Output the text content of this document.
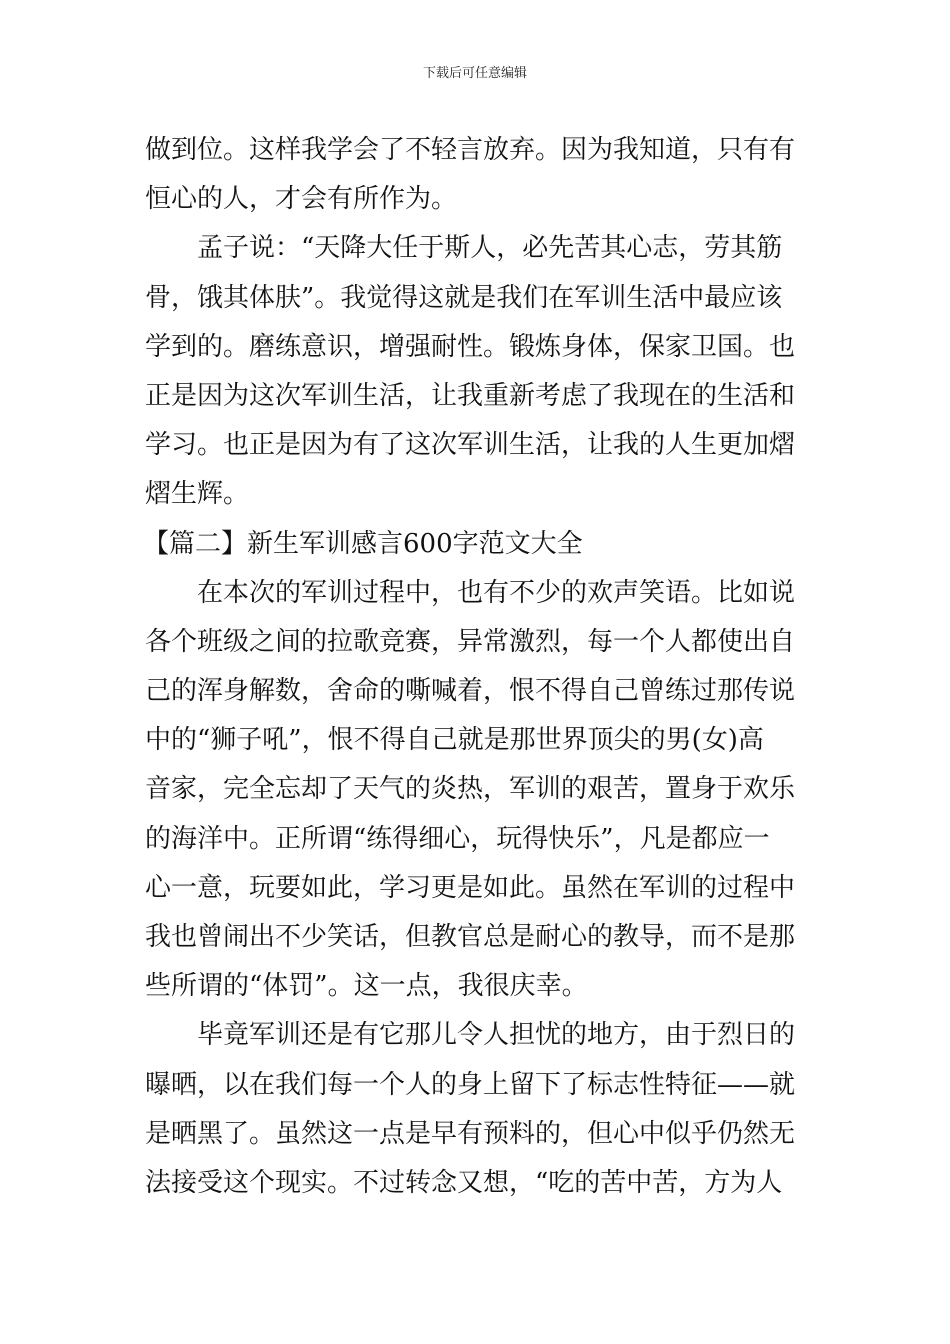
下载后可任意编辑
做到位。这样我学会了不轻言放弃。因为我知道，只有有
恒心的人，才会有所作为。
孟子说：“天降大任于斯人，必先苦其心志，劳其筋
骨，饿其体肤”。我觉得这就是我们在军训生活中最应该
学到的。磨练意识，增强耐性。锻炼身体，保家卫国。也
正是因为这次军训生活，让我重新考虑了我现在的生活和
学习。也正是因为有了这次军训生活，让我的人生更加熠
熠生辉。
【篇二】新生军训感言600字范文大全
在本次的军训过程中，也有不少的欢声笑语。比如说
各个班级之间的拉歌竞赛，异常激烈，每一个人都使出自
己的浑身解数，舍命的嘶喊着，恨不得自己曾练过那传说
中的“狮子吼”，恨不得自己就是那世界顶尖的男(女)高
音家，完全忘却了天气的炎热，军训的艰苦，置身于欢乐
的海洋中。正所谓“练得细心，玩得快乐”，凡是都应一
心一意，玩要如此，学习更是如此。虽然在军训的过程中
我也曾闹出不少笑话，但教官总是耐心的教导，而不是那
些所谓的“体罚”。这一点，我很庆幸。
毕竟军训还是有它那儿令人担忧的地方，由于烈日的
曝晒，以在我们每一个人的身上留下了标志性特征——就
是晒黑了。虽然这一点是早有预料的，但心中似乎仍然无
法接受这个现实。不过转念又想，“吃的苦中苦，方为人
